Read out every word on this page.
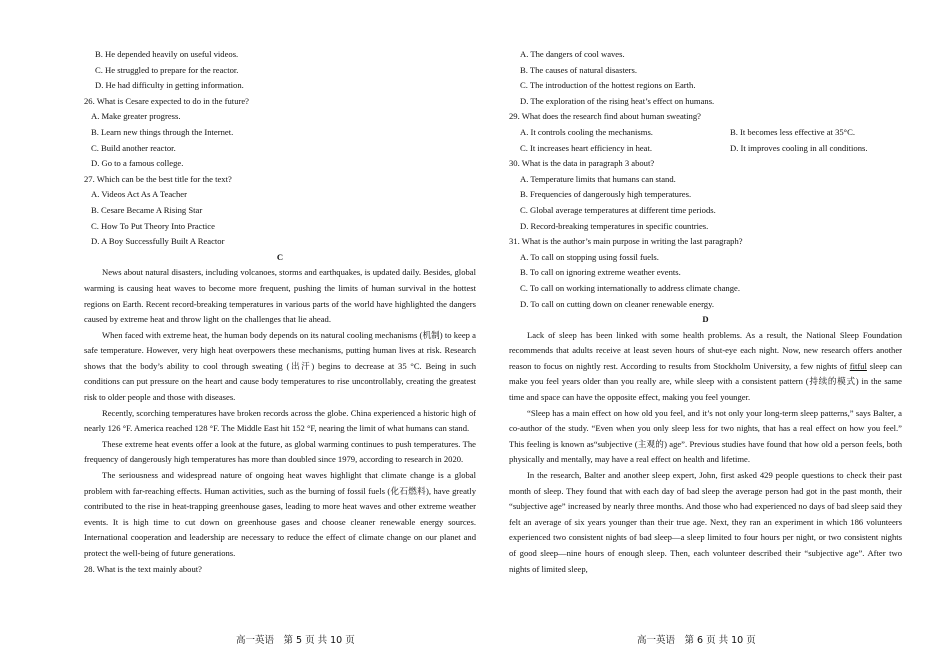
B. He depended heavily on useful videos.
C. He struggled to prepare for the reactor.
D. He had difficulty in getting information.
26. What is Cesare expected to do in the future?
A. Make greater progress.
B. Learn new things through the Internet.
C. Build another reactor.
D. Go to a famous college.
27. Which can be the best title for the text?
A. Videos Act As A Teacher
B. Cesare Became A Rising Star
C. How To Put Theory Into Practice
D. A Boy Successfully Built A Reactor
C

News about natural disasters, including volcanoes, storms and earthquakes, is updated daily. Besides, global warming is causing heat waves to become more frequent, pushing the limits of human survival in the hottest regions on Earth. Recent record-breaking temperatures in various parts of the world have highlighted the dangers caused by extreme heat and throw light on the challenges that lie ahead.

When faced with extreme heat, the human body depends on its natural cooling mechanisms (机制) to keep a safe temperature. However, very high heat overpowers these mechanisms, putting human lives at risk. Research shows that the body’s ability to cool through sweating (出汗) begins to decrease at 35 °C. Being in such conditions can put pressure on the heart and cause body temperatures to rise uncontrollably, creating the greatest risk to older people and those with diseases.

Recently, scorching temperatures have broken records across the globe. China experienced a historic high of nearly 126 °F. America reached 128 °F. The Middle East hit 152 °F, nearing the limit of what humans can stand.

These extreme heat events offer a look at the future, as global warming continues to push temperatures. The frequency of dangerously high temperatures has more than doubled since 1979, according to research in 2020.

The seriousness and widespread nature of ongoing heat waves highlight that climate change is a global problem with far-reaching effects. Human activities, such as the burning of fossil fuels (化石燃料), have greatly contributed to the rise in heat-trapping greenhouse gases, leading to more heat waves and other extreme weather events. It is high time to cut down on greenhouse gases and choose cleaner renewable energy sources. International cooperation and leadership are necessary to reduce the effect of climate change on our planet and protect the well-being of future generations.

28. What is the text mainly about?
A. The dangers of cool waves.
B. The causes of natural disasters.
C. The introduction of the hottest regions on Earth.
D. The exploration of the rising heat’s effect on humans.
29. What does the research find about human sweating?
A. It controls cooling the mechanisms.	B. It becomes less effective at 35°C.
C. It increases heart efficiency in heat.	D. It improves cooling in all conditions.
30. What is the data in paragraph 3 about?
A. Temperature limits that humans can stand.
B. Frequencies of dangerously high temperatures.
C. Global average temperatures at different time periods.
D. Record-breaking temperatures in specific countries.
31. What is the author’s main purpose in writing the last paragraph?
A. To call on stopping using fossil fuels.
B. To call on ignoring extreme weather events.
C. To call on working internationally to address climate change.
D. To call on cutting down on cleaner renewable energy.
D

Lack of sleep has been linked with some health problems. As a result, the National Sleep Foundation recommends that adults receive at least seven hours of shut-eye each night. Now, new research offers another reason to focus on nightly rest. According to results from Stockholm University, a few nights of fitful sleep can make you feel years older than you really are, while sleep with a consistent pattern (持续的模式) in the same time and space can have the opposite effect, making you feel younger.

“Sleep has a main effect on how old you feel, and it’s not only your long-term sleep patterns,” says Balter, a co-author of the study. “Even when you only sleep less for two nights, that has a real effect on how you feel.” This feeling is known as“subjective (主观的) age”. Previous studies have found that how old a person feels, both physically and mentally, may have a real effect on health and lifetime.

In the research, Balter and another sleep expert, John, first asked 429 people questions to check their past month of sleep. They found that with each day of bad sleep the average person had got in the past month, their “subjective age” increased by nearly three months. And those who had experienced no days of bad sleep said they felt an average of six years younger than their true age. Next, they ran an experiment in which 186 volunteers experienced two consistent nights of bad sleep—a sleep limited to four hours per night, or two consistent nights of good sleep—nine hours of enough sleep. Then, each volunteer described their “subjective age”. After two nights of limited sleep,

高一英语　第 5 页 共 10 页	高一英语　第 6 页 共 10 页
